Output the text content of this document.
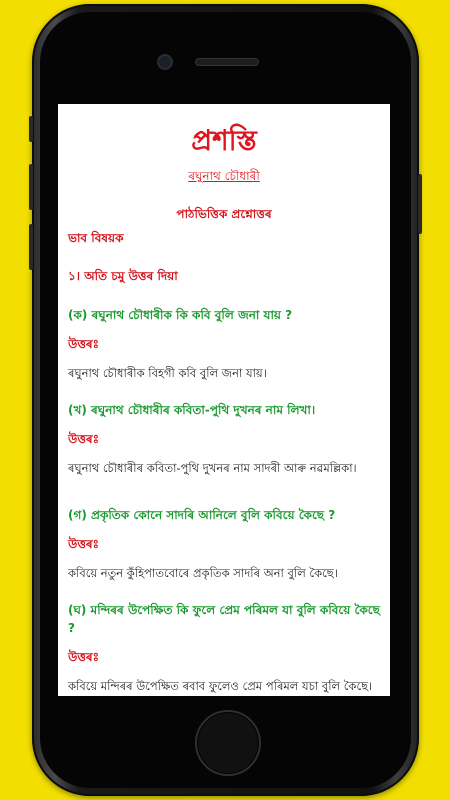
প্ৰশস্তি
ৰঘুনাথ চৌধাৰী
পাঠভিত্তিক প্ৰশ্নোত্তৰ
ভাব বিষয়ক
১। অতি চমু উত্তৰ দিয়া
(ক) ৰঘুনাথ চৌধাৰীক কি কবি বুলি জনা যায় ?
উত্তৰঃ
ৰঘুনাথ চৌধাৰীক বিহগী কবি বুলি জনা যায়।
(খ) ৰঘুনাথ চৌধাৰীৰ কবিতা-পুথি দুখনৰ নাম লিখা।
উত্তৰঃ
ৰঘুনাথ চৌধাৰীৰ কবিতা-পুথি দুখনৰ নাম সাদৰী আৰু নৱমল্লিকা।
(গ) প্ৰকৃতিক কোনে সাদৰি আনিলে বুলি কবিয়ে কৈছে ?
উত্তৰঃ
কবিয়ে নতুন কুঁহিপাতবোৰে প্ৰকৃতিক সাদৰি অনা বুলি কৈছে।
(ঘ) মন্দিৰৰ উপেক্ষিত কি ফুলে প্ৰেম পৰিমল যা বুলি কবিয়ে কৈছে ?
উত্তৰঃ
কবিয়ে মন্দিৰৰ উপেক্ষিত ৰবাব ফুলেও প্ৰেম পৰিমল যচা বুলি কৈছে।
